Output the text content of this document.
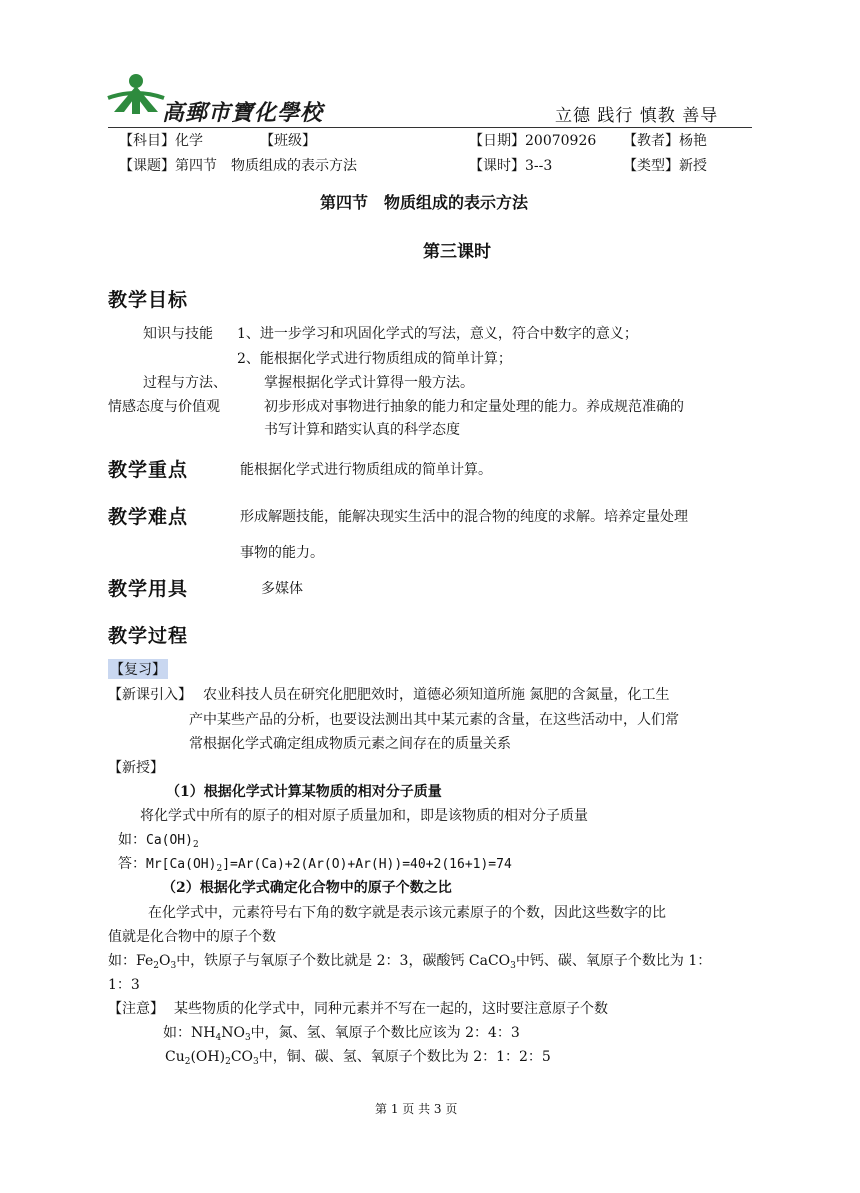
高郵市寶化學校	立德 践行 慎教 善导
【科目】化学	【班级】	【日期】20070926 【教者】杨艳
【课题】第四节　物质组成的表示方法	【课时】3--3	【类型】新授
第四节　物质组成的表示方法
第三课时
教学目标
知识与技能 1、进一步学习和巩固化学式的写法，意义，符合中数字的意义；
2、能根据化学式进行物质组成的简单计算；
过程与方法、	掌握根据化学式计算得一般方法。
情感态度与价值观	初步形成对事物进行抽象的能力和定量处理的能力。养成规范准确的
书写计算和踏实认真的科学态度
教学重点	能根据化学式进行物质组成的简单计算。
教学难点	形成解题技能，能解决现实生活中的混合物的纯度的求解。培养定量处理
事物的能力。
教学用具	多媒体
教学过程
【复习】
【新课引入】 农业科技人员在研究化肥肥效时，道德必须知道所施 氮肥的含氮量，化工生
产中某些产品的分析，也要设法测出其中某元素的含量，在这些活动中，人们常
常根据化学式确定组成物质元素之间存在的质量关系
【新授】
（1）根据化学式计算某物质的相对分子质量
将化学式中所有的原子的相对原子质量加和，即是该物质的相对分子质量
如：$Ca(OH)_2$
答：$Mr[Ca(OH)_2]=Ar(Ca)+2(Ar(O)+Ar(H))=40+2(16+1)=74$
（2）根据化学式确定化合物中的原子个数之比
在化学式中，元素符号右下角的数字就是表示该元素原子的个数，因此这些数字的比
值就是化合物中的原子个数
如：$Fe_2O_3$中，铁原子与氧原子个数比就是 2：3，碳酸钙 CaCO$_3$中钙、碳、氧原子个数比为 1：
1：3
【注意】 某些物质的化学式中，同种元素并不写在一起的，这时要注意原子个数
如：$NH_4NO_3$中，氮、氢、氧原子个数比应该为 2：4：3
$Cu_2(OH)_2CO_3$中，铜、碳、氢、氧原子个数比为 2：1：2：5
第 1 页 共 3 页
